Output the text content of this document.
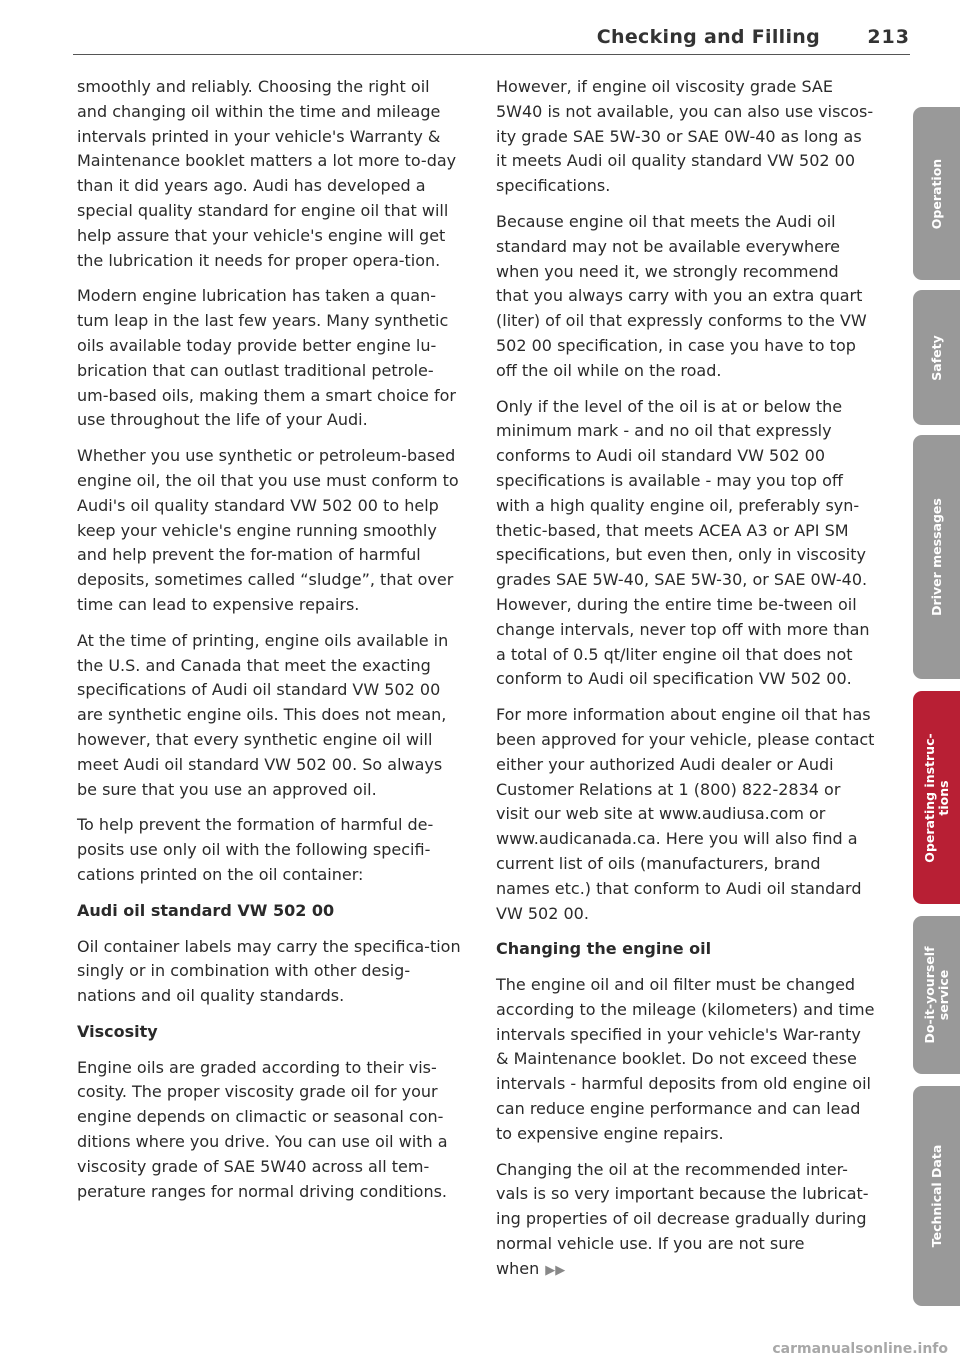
Checking and Filling 213

smoothly and reliably. Choosing the right oil and changing oil within the time and mileage intervals printed in your vehicle's Warranty & Maintenance booklet matters a lot more to-day than it did years ago. Audi has developed a special quality standard for engine oil that will help assure that your vehicle's engine will get the lubrication it needs for proper opera-tion.

Modern engine lubrication has taken a quan-tum leap in the last few years. Many synthetic oils available today provide better engine lu-brication that can outlast traditional petrole-um-based oils, making them a smart choice for use throughout the life of your Audi.

Whether you use synthetic or petroleum-based engine oil, the oil that you use must conform to Audi's oil quality standard VW 502 00 to help keep your vehicle's engine running smoothly and help prevent the for-mation of harmful deposits, sometimes called “sludge”, that over time can lead to expensive repairs.

At the time of printing, engine oils available in the U.S. and Canada that meet the exacting specifications of Audi oil standard VW 502 00 are synthetic engine oils. This does not mean, however, that every synthetic engine oil will meet Audi oil standard VW 502 00. So always be sure that you use an approved oil.

To help prevent the formation of harmful de-posits use only oil with the following specifi-cations printed on the oil container:

Audi oil standard VW 502 00

Oil container labels may carry the specifica-tion singly or in combination with other desig-nations and oil quality standards.

Viscosity

Engine oils are graded according to their vis-cosity. The proper viscosity grade oil for your engine depends on climactic or seasonal con-ditions where you drive. You can use oil with a viscosity grade of SAE 5W40 across all tem-perature ranges for normal driving conditions.

However, if engine oil viscosity grade SAE 5W40 is not available, you can also use viscos-ity grade SAE 5W-30 or SAE 0W-40 as long as it meets Audi oil quality standard VW 502 00 specifications.

Because engine oil that meets the Audi oil standard may not be available everywhere when you need it, we strongly recommend that you always carry with you an extra quart (liter) of oil that expressly conforms to the VW 502 00 specification, in case you have to top off the oil while on the road.

Only if the level of the oil is at or below the minimum mark - and no oil that expressly conforms to Audi oil standard VW 502 00 specifications is available - may you top off with a high quality engine oil, preferably syn-thetic-based, that meets ACEA A3 or API SM specifications, but even then, only in viscosity grades SAE 5W-40, SAE 5W-30, or SAE 0W-40. However, during the entire time be-tween oil change intervals, never top off with more than a total of 0.5 qt/liter engine oil that does not conform to Audi oil specification VW 502 00.

For more information about engine oil that has been approved for your vehicle, please contact either your authorized Audi dealer or Audi Customer Relations at 1 (800) 822-2834 or visit our web site at www.audiusa.com or www.audicanada.ca. Here you will also find a current list of oils (manufacturers, brand names etc.) that conform to Audi oil standard VW 502 00.

Changing the engine oil

The engine oil and oil filter must be changed according to the mileage (kilometers) and time intervals specified in your vehicle's War-ranty & Maintenance booklet. Do not exceed these intervals - harmful deposits from old engine oil can reduce engine performance and can lead to expensive engine repairs.

Changing the oil at the recommended inter-vals is so very important because the lubricat-ing properties of oil decrease gradually during normal vehicle use. If you are not sure when ▶▶

Operation
Safety
Driver messages
Operating instruc-
tions
Do-it-yourself
service
Technical Data
carmanualsonline.info
